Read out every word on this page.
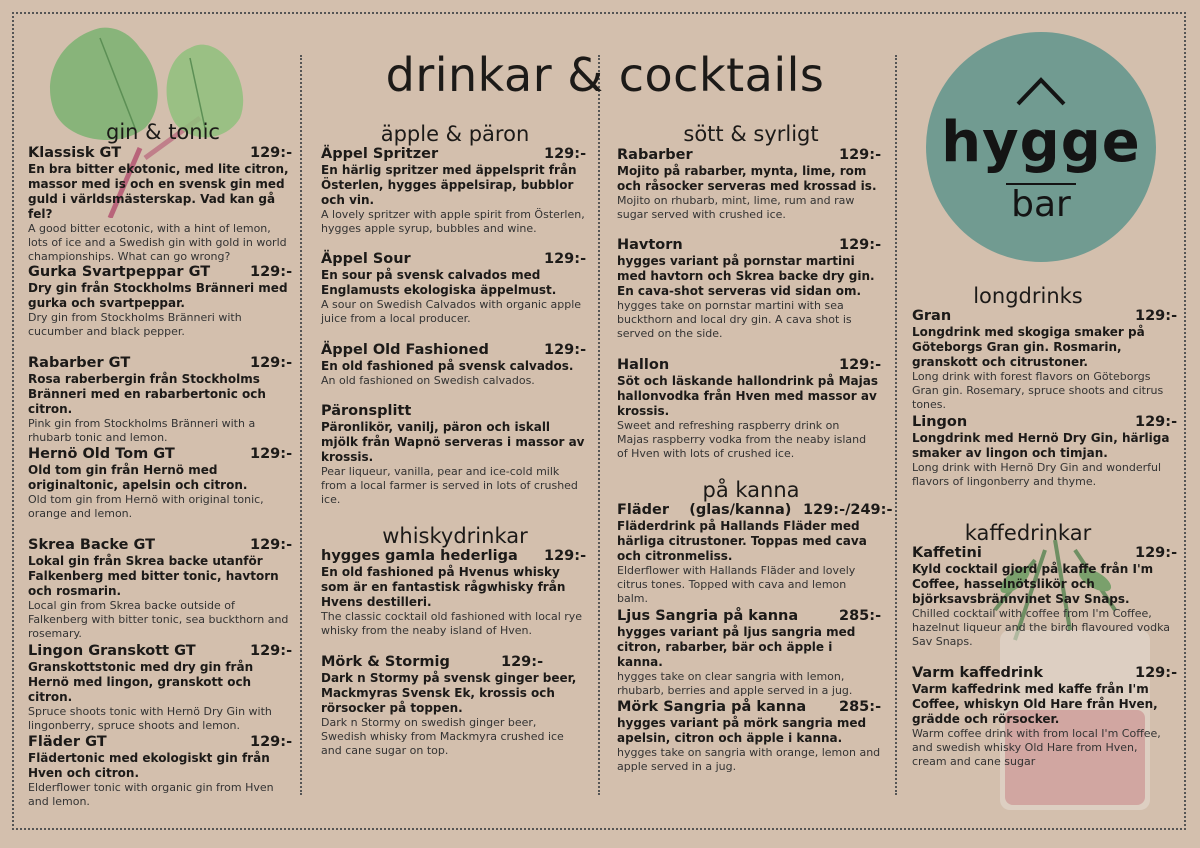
drinkar & cocktails
hygge
bar
gin & tonic
Klassisk GT	129:-
En bra bitter ekotonic, med lite citron, massor med is och en svensk gin med guld i världsmästerskap. Vad kan gå fel?
A good bitter ecotonic, with a hint of lemon, lots of ice and a Swedish gin with gold in world championships. What can go wrong?
Gurka Svartpeppar GT	129:-
Dry gin från Stockholms Bränneri med gurka och svartpeppar.
Dry gin from Stockholms Bränneri with cucumber and black pepper.
Rabarber GT	129:-
Rosa raberbergin från Stockholms Bränneri med en rabarbertonic och citron.
Pink gin from Stockholms Bränneri with a rhubarb tonic and lemon.
Hernö Old Tom GT	129:-
Old tom gin från Hernö med originaltonic, apelsin och citron.
Old tom gin from Hernö with original tonic, orange and lemon.
Skrea Backe GT	129:-
Lokal gin från Skrea backe utanför Falkenberg med bitter tonic, havtorn och rosmarin.
Local gin from Skrea backe outside of Falkenberg with bitter tonic, sea buckthorn and rosemary.
Lingon Granskott GT	129:-
Granskottstonic med dry gin från Hernö med lingon, granskott och citron.
Spruce shoots tonic with Hernö Dry Gin with lingonberry, spruce shoots and lemon.
Fläder GT	129:-
Flädertonic med ekologiskt gin från Hven och citron.
Elderflower tonic with organic gin from Hven and lemon.
äpple & päron
Äppel Spritzer	129:-
En härlig spritzer med äppelsprit från Österlen, hygges äppelsirap, bubblor och vin.
A lovely spritzer with apple spirit from Österlen, hygges apple syrup, bubbles and wine.
Äppel Sour	129:-
En sour på svensk calvados med Englamusts ekologiska äppelmust.
A sour on Swedish Calvados with organic apple juice from a local producer.
Äppel Old Fashioned	129:-
En old fashioned på svensk calvados.
An old fashioned on Swedish calvados.
Päronsplitt
Päronlikör, vanilj, päron och iskall mjölk från Wapnö serveras i massor av krossis.
Pear liqueur, vanilla, pear and ice-cold milk from a local farmer is served in lots of crushed ice.
whiskydrinkar
hygges gamla hederliga	129:-
En old fashioned på Hvenus whisky som är en fantastisk rågwhisky från Hvens destilleri.
The classic cocktail old fashioned with local rye whisky from the neaby island of Hven.
Mörk & Stormig	129:-
Dark n Stormy på svensk ginger beer, Mackmyras Svensk Ek, krossis och rörsocker på toppen.
Dark n Stormy on swedish ginger beer, Swedish whisky from Mackmyra crushed ice and cane sugar on top.
sött & syrligt
Rabarber	129:-
Mojito på rabarber, mynta, lime, rom och råsocker serveras med krossad is.
Mojito on rhubarb, mint, lime, rum and raw sugar served with crushed ice.
Havtorn	129:-
hygges variant på pornstar martini med havtorn och Skrea backe dry gin. En cava-shot serveras vid sidan om.
hygges take on pornstar martini with sea buckthorn and local dry gin. A cava shot is served on the side.
Hallon	129:-
Söt och läskande hallondrink på Majas hallonvodka från Hven med massor av krossis.
Sweet and refreshing raspberry drink on Majas raspberry vodka from the neaby island of Hven with lots of crushed ice.
på kanna
Fläder (glas/kanna) 129:-/249:-
Fläderdrink på Hallands Fläder med härliga citrustoner. Toppas med cava och citronmeliss.
Elderflower with Hallands Fläder and lovely citrus tones. Topped with cava and lemon balm.
Ljus Sangria på kanna	285:-
hygges variant på ljus sangria med citron, rabarber, bär och äpple i kanna.
hygges take on clear sangria with lemon, rhubarb, berries and apple served in a jug.
Mörk Sangria på kanna	285:-
hygges variant på mörk sangria med apelsin, citron och äpple i kanna.
hygges take on sangria with orange, lemon and apple served in a jug.
longdrinks
Gran	129:-
Longdrink med skogiga smaker på Göteborgs Gran gin. Rosmarin, granskott och citrustoner.
Long drink with forest flavors on Göteborgs Gran gin. Rosemary, spruce shoots and citrus tones.
Lingon	129:-
Longdrink med Hernö Dry Gin, härliga smaker av lingon och timjan.
Long drink with Hernö Dry Gin and wonderful flavors of lingonberry and thyme.
kaffedrinkar
Kaffetini	129:-
Kyld cocktail gjord på kaffe från I'm Coffee, hasselnötslikör och björksavsbrännvinet Sav Snaps.
Chilled cocktail with coffee from I'm Coffee, hazelnut liqueur and the birch flavoured vodka Sav Snaps.
Varm kaffedrink	129:-
Varm kaffedrink med kaffe från I'm Coffee, whiskyn Old Hare från Hven, grädde och rörsocker.
Warm coffee drink with from local I'm Coffee, and swedish whisky Old Hare from Hven, cream and cane sugar
